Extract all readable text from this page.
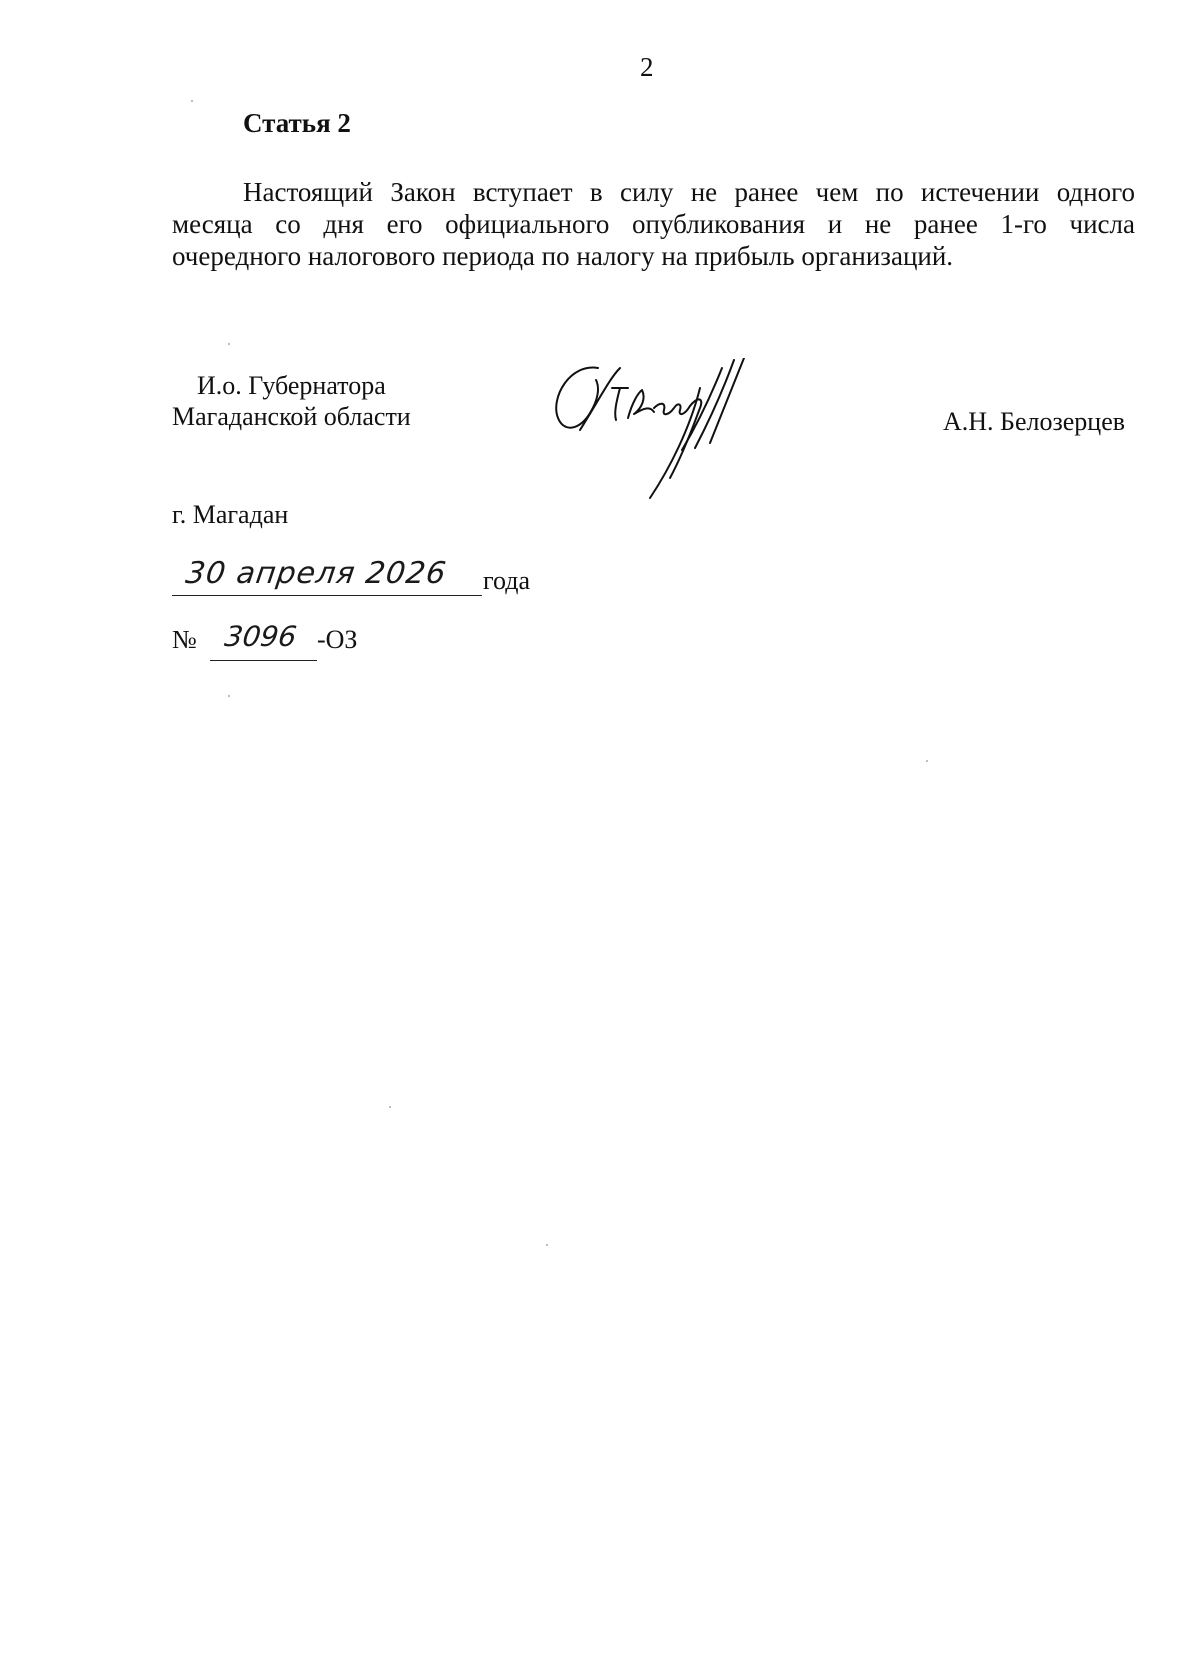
2
Статья 2
Настоящий Закон вступает в силу не ранее чем по истечении одного
месяца со дня его официального опубликования и не ранее 1-го числа
очередного налогового периода по налогу на прибыль организаций.
И.о. Губернатора
Магаданской области	А.Н. Белозерцев
г. Магадан
30 апреля 2026 года
№ 3096 -ОЗ
